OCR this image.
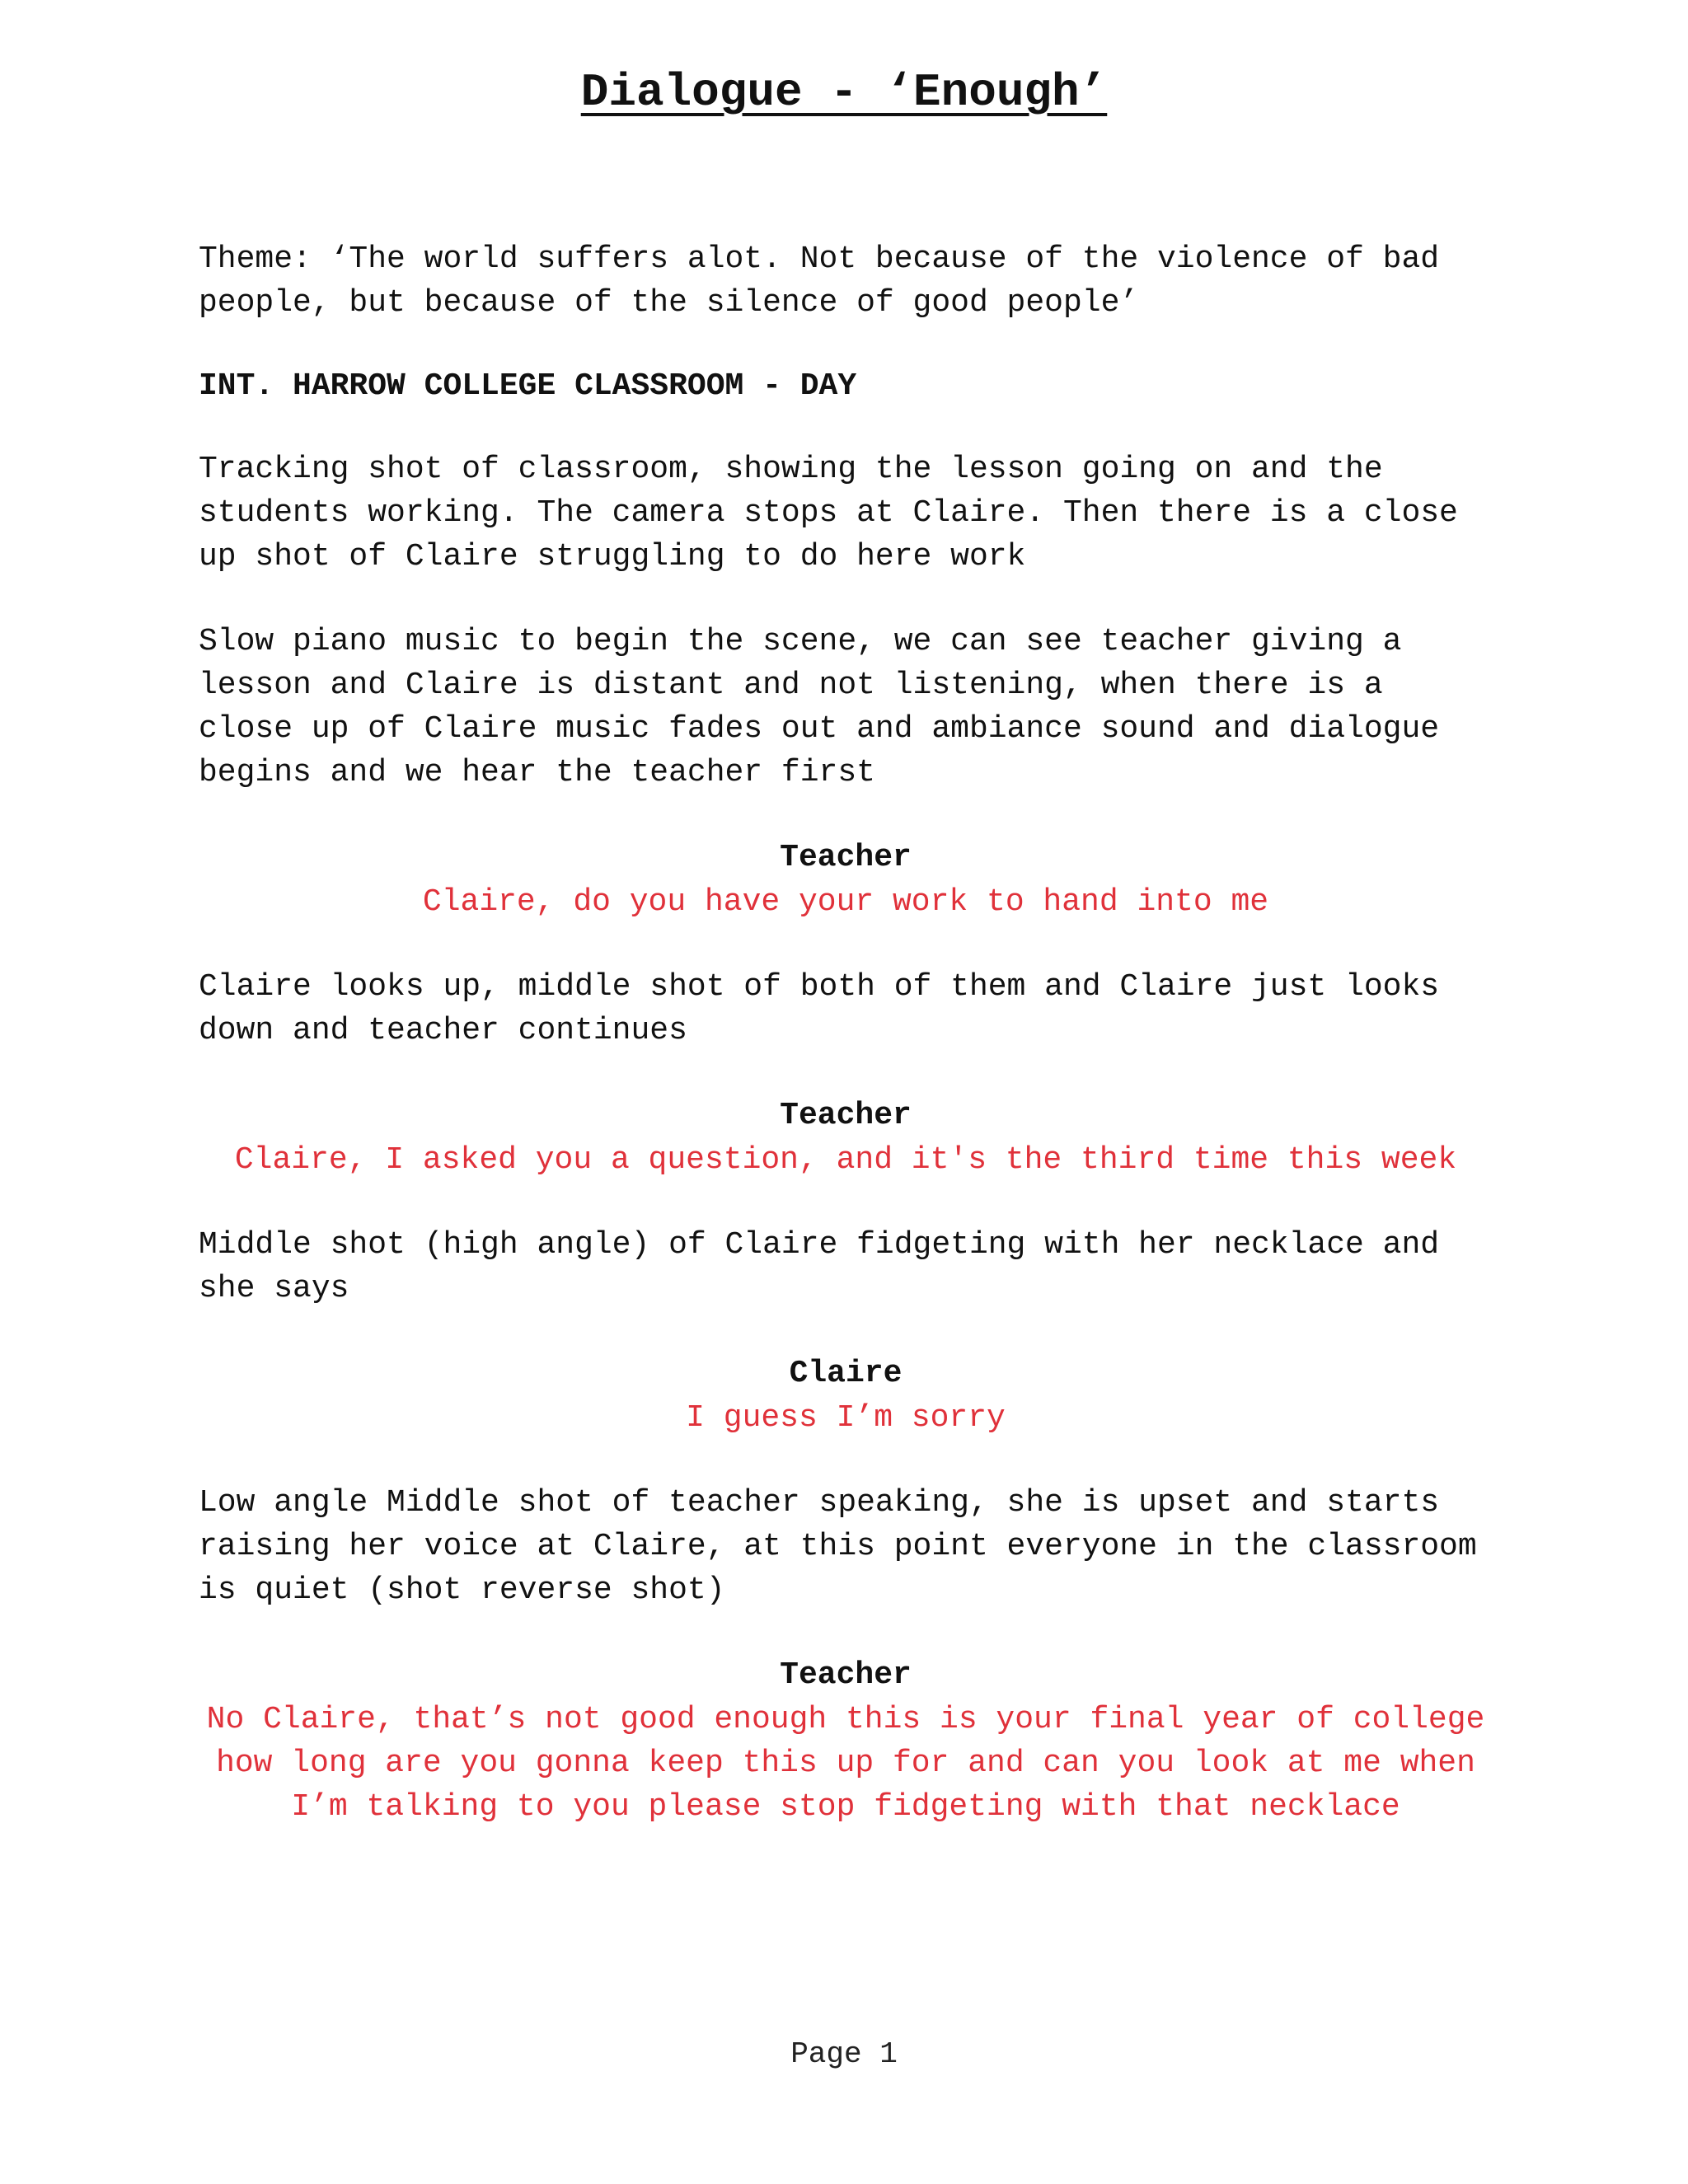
Dialogue - ‘Enough’

Theme: ‘The world suffers alot. Not because of the violence of bad people, but because of the silence of good people’

INT. HARROW COLLEGE CLASSROOM - DAY

Tracking shot of classroom, showing the lesson going on and the students working. The camera stops at Claire. Then there is a close up shot of Claire struggling to do here work

Slow piano music to begin the scene, we can see teacher giving a lesson and Claire is distant and not listening, when there is a close up of Claire music fades out and ambiance sound and dialogue begins and we hear the teacher first

Teacher
Claire, do you have your work to hand into me

Claire looks up, middle shot of both of them and Claire just looks down and teacher continues

Teacher
Claire, I asked you a question, and it's the third time this week

Middle shot (high angle) of Claire fidgeting with her necklace and she says

Claire
I guess I’m sorry

Low angle Middle shot of teacher speaking, she is upset and starts raising her voice at Claire, at this point everyone in the classroom is quiet (shot reverse shot)

Teacher
No Claire, that’s not good enough this is your final year of college how long are you gonna keep this up for and can you look at me when I’m talking to you please stop fidgeting with that necklace
Page 1
